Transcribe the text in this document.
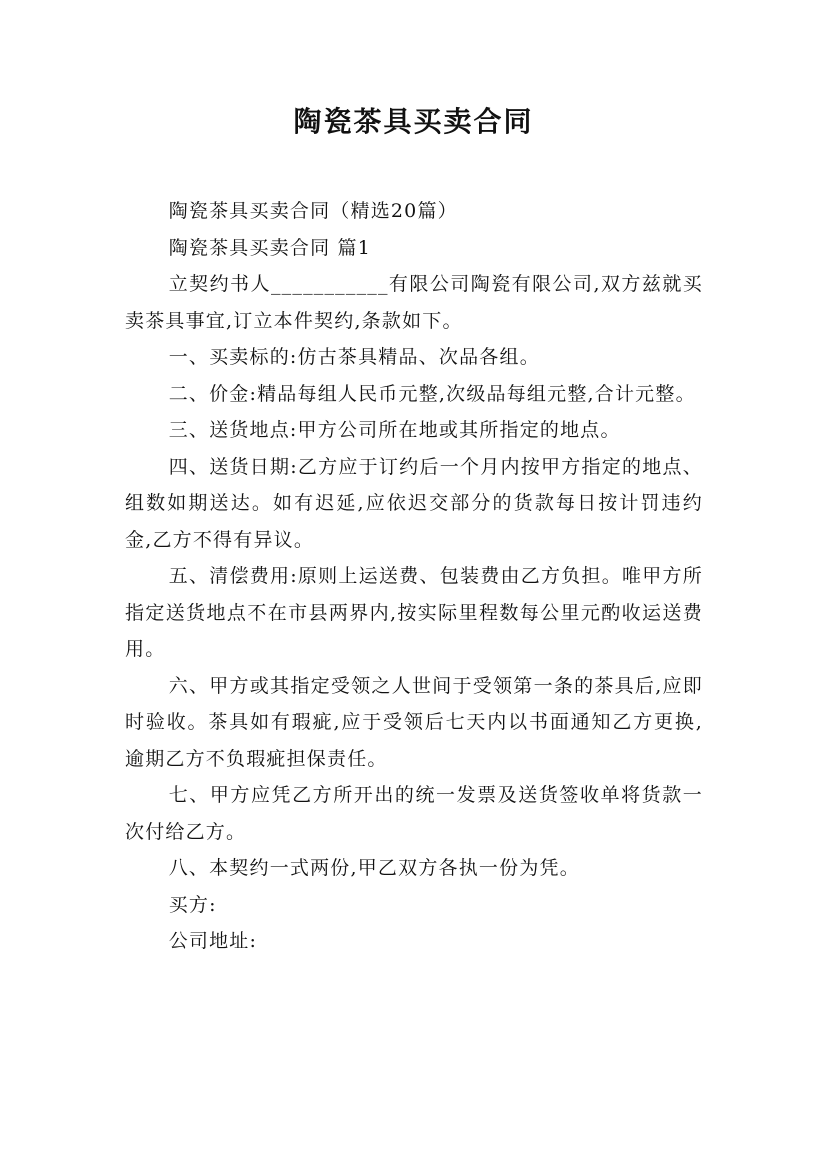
陶瓷茶具买卖合同

陶瓷茶具买卖合同（精选20篇）

陶瓷茶具买卖合同 篇1

立契约书人___________有限公司陶瓷有限公司,双方兹就买卖茶具事宜,订立本件契约,条款如下。

一、买卖标的:仿古茶具精品、次品各组。

二、价金:精品每组人民币元整,次级品每组元整,合计元整。

三、送货地点:甲方公司所在地或其所指定的地点。

四、送货日期:乙方应于订约后一个月内按甲方指定的地点、组数如期送达。如有迟延,应依迟交部分的货款每日按计罚违约金,乙方不得有异议。

五、清偿费用:原则上运送费、包装费由乙方负担。唯甲方所指定送货地点不在市县两界内,按实际里程数每公里元酌收运送费用。

六、甲方或其指定受领之人世间于受领第一条的茶具后,应即时验收。茶具如有瑕疵,应于受领后七天内以书面通知乙方更换,逾期乙方不负瑕疵担保责任。

七、甲方应凭乙方所开出的统一发票及送货签收单将货款一次付给乙方。

八、本契约一式两份,甲乙双方各执一份为凭。

买方:

公司地址:
